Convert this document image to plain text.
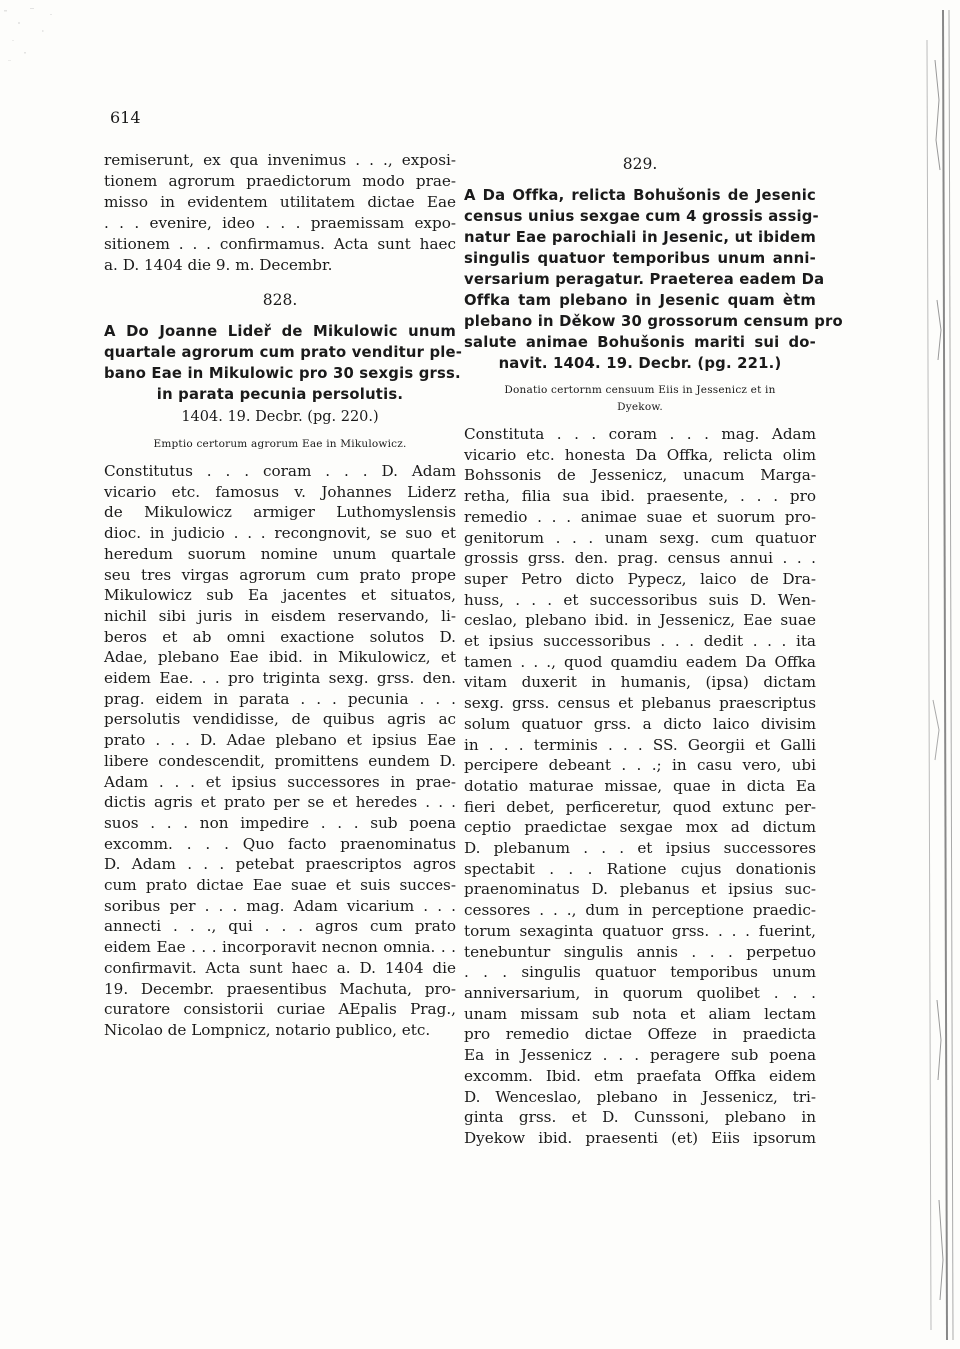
614
remiserunt, ex qua invenimus . . ., exposi-
tionem agrorum praedictorum modo prae-
misso in evidentem utilitatem dictae Eae
. . . evenire, ideo . . . praemissam expo-
sitionem . . . confirmamus. Acta sunt haec
a. D. 1404 die 9. m. Decembr.
828.
A Do Joanne Lideř de Mikulowic unum
quartale agrorum cum prato venditur ple-
bano Eae in Mikulowic pro 30 sexgis grss.
in parata pecunia persolutis.
1404. 19. Decbr. (pg. 220.)
Emptio certorum agrorum Eae in Mikulowicz.
Constitutus . . . coram . . . D. Adam
vicario etc. famosus v. Johannes Liderz
de Mikulowicz armiger Luthomyslensis
dioc. in judicio . . . recongnovit, se suo et
heredum suorum nomine unum quartale
seu tres virgas agrorum cum prato prope
Mikulowicz sub Ea jacentes et situatos,
nichil sibi juris in eisdem reservando, li-
beros et ab omni exactione solutos D.
Adae, plebano Eae ibid. in Mikulowicz, et
eidem Eae. . . pro triginta sexg. grss. den.
prag. eidem in parata . . . pecunia . . .
persolutis vendidisse, de quibus agris ac
prato . . . D. Adae plebano et ipsius Eae
libere condescendit, promittens eundem D.
Adam . . . et ipsius successores in prae-
dictis agris et prato per se et heredes . . .
suos . . . non impedire . . . sub poena
excomm. . . . Quo facto praenominatus
D. Adam . . . petebat praescriptos agros
cum prato dictae Eae suae et suis succes-
soribus per . . . mag. Adam vicarium . . .
annecti . . ., qui . . . agros cum prato
eidem Eae . . . incorporavit necnon omnia. . .
confirmavit. Acta sunt haec a. D. 1404 die
19. Decembr. praesentibus Machuta, pro-
curatore consistorii curiae AEpalis Prag.,
Nicolao de Lompnicz, notario publico, etc.
829.
A Da Offka, relicta Bohušonis de Jesenic
census unius sexgae cum 4 grossis assig-
natur Eae parochiali in Jesenic, ut ibidem
singulis quatuor temporibus unum anni-
versarium peragatur. Praeterea eadem Da
Offka tam plebano in Jesenic quam ètm
plebano in Děkow 30 grossorum censum pro
salute animae Bohušonis mariti sui do-
navit. 1404. 19. Decbr. (pg. 221.)
Donatio certornm censuum Eiis in Jessenicz et in
Dyekow.
Constituta . . . coram . . . mag. Adam
vicario etc. honesta Da Offka, relicta olim
Bohssonis de Jessenicz, unacum Marga-
retha, filia sua ibid. praesente, . . . pro
remedio . . . animae suae et suorum pro-
genitorum . . . unam sexg. cum quatuor
grossis grss. den. prag. census annui . . .
super Petro dicto Pypecz, laico de Dra-
huss, . . . et successoribus suis D. Wen-
ceslao, plebano ibid. in Jessenicz, Eae suae
et ipsius successoribus . . . dedit . . . ita
tamen . . ., quod quamdiu eadem Da Offka
vitam duxerit in humanis, (ipsa) dictam
sexg. grss. census et plebanus praescriptus
solum quatuor grss. a dicto laico divisim
in . . . terminis . . . SS. Georgii et Galli
percipere debeant . . .; in casu vero, ubi
dotatio maturae missae, quae in dicta Ea
fieri debet, perficeretur, quod extunc per-
ceptio praedictae sexgae mox ad dictum
D. plebanum . . . et ipsius successores
spectabit . . . Ratione cujus donationis
praenominatus D. plebanus et ipsius suc-
cessores . . ., dum in perceptione praedic-
torum sexaginta quatuor grss. . . . fuerint,
tenebuntur singulis annis . . . perpetuo
. . . singulis quatuor temporibus unum
anniversarium, in quorum quolibet . . .
unam missam sub nota et aliam lectam
pro remedio dictae Offeze in praedicta
Ea in Jessenicz . . . peragere sub poena
excomm. Ibid. etm praefata Offka eidem
D. Wenceslao, plebano in Jessenicz, tri-
ginta grss. et D. Cunssoni, plebano in
Dyekow ibid. praesenti (et) Eiis ipsorum
